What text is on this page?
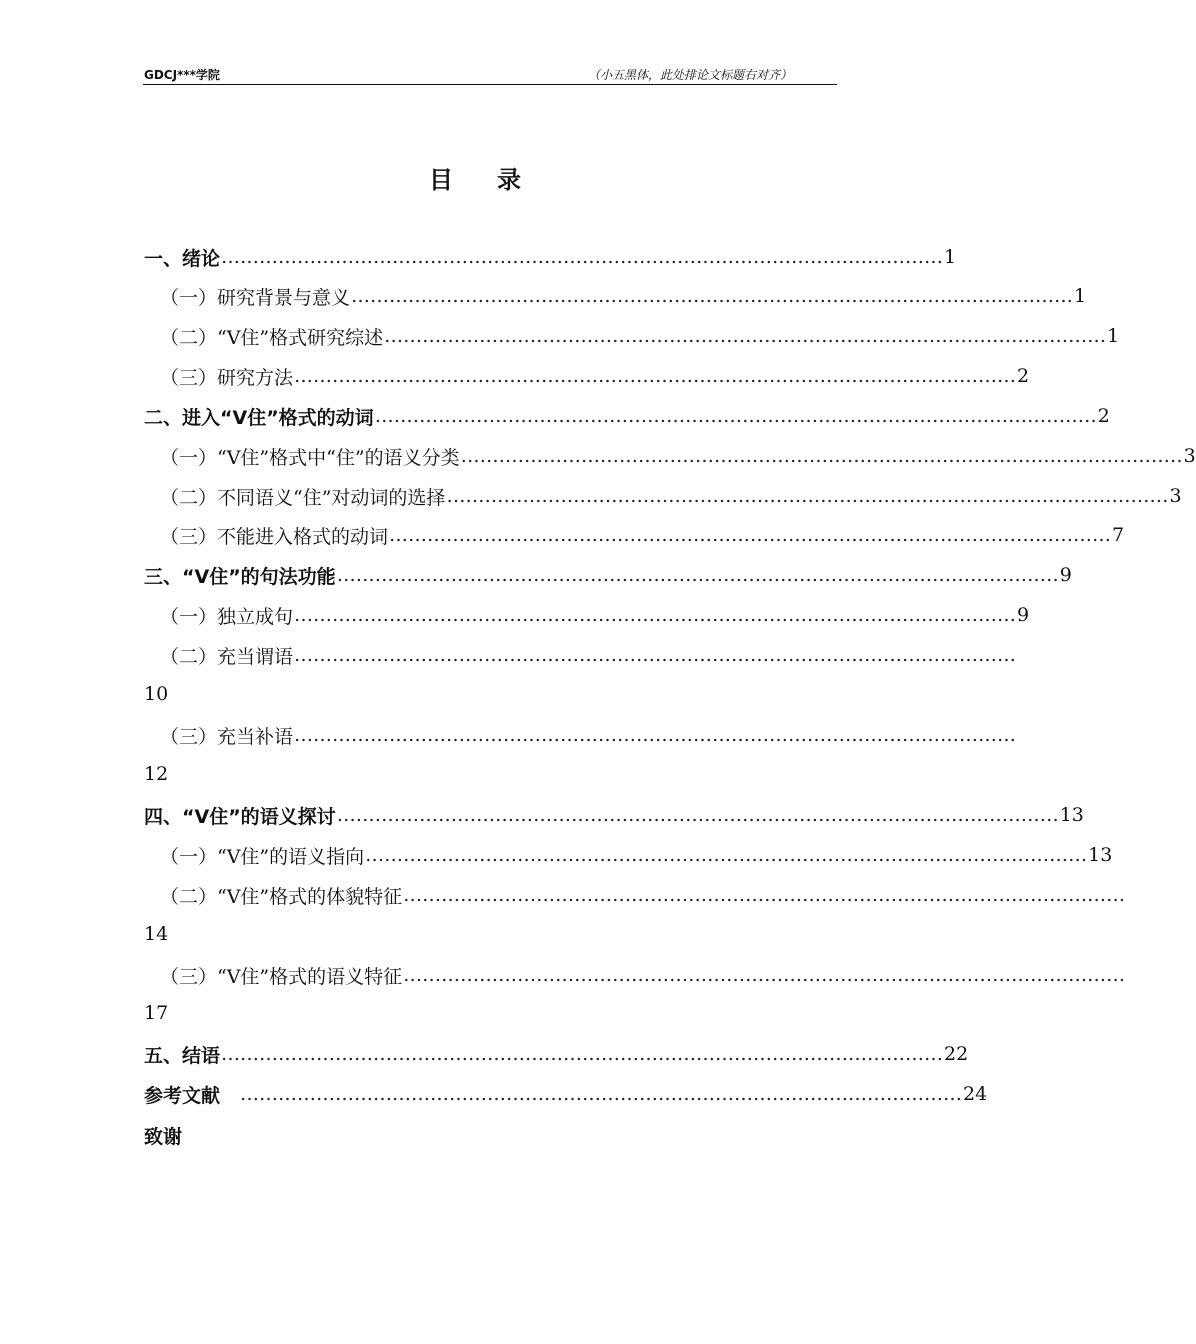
GDCJ***学院	（小五黑体，此处排论文标题右对齐）
目录
一、绪论 …………………………………………………………………………………………………… 1
（一）研究背景与意义 …………………………………………………………………………………………………… 1
（二）“V住”格式研究综述 …………………………………………………………………………………………………… 1
（三）研究方法 …………………………………………………………………………………………………… 2
二、进入“V住”格式的动词 …………………………………………………………………………………………………… 2
（一）“V住”格式中“住”的语义分类 …………………………………………………………………………………………………… 3
（二）不同语义“住”对动词的选择 …………………………………………………………………………………………………… 3
（三）不能进入格式的动词 …………………………………………………………………………………………………… 7
三、“V住”的句法功能 …………………………………………………………………………………………………… 9
（一）独立成句 …………………………………………………………………………………………………… 9
（二）充当谓语 ……………………………………………………………………………………………………
10
（三）充当补语 ……………………………………………………………………………………………………
12
四、“V住”的语义探讨 …………………………………………………………………………………………………… 13
（一）“V住”的语义指向 …………………………………………………………………………………………………… 13
（二）“V住”格式的体貌特征 ……………………………………………………………………………………………………
14
（三）“V住”格式的语义特征 ……………………………………………………………………………………………………
17
五、结语 …………………………………………………………………………………………………… 22
参考文献 …………………………………………………………………………………………………… 24
致谢
